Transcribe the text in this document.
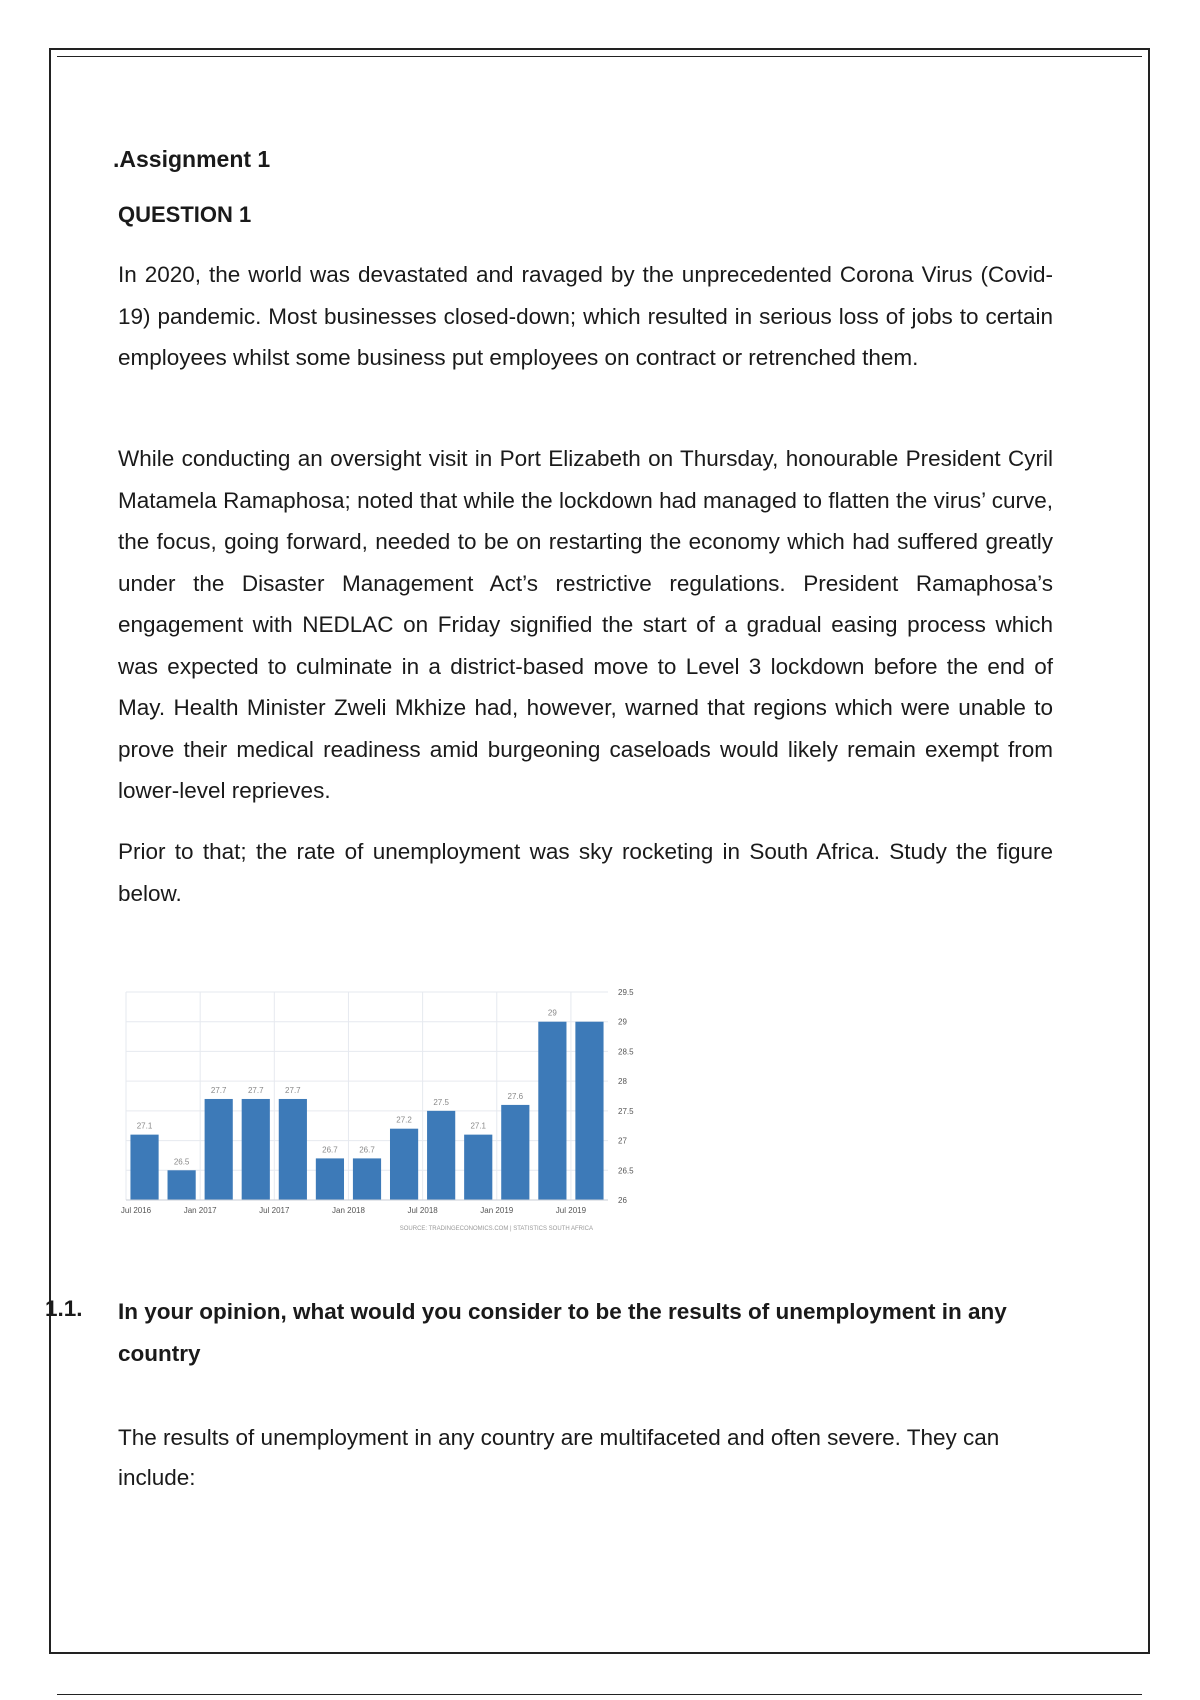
.Assignment 1
QUESTION 1

In 2020, the world was devastated and ravaged by the unprecedented Corona Virus (Covid-19) pandemic. Most businesses closed-down; which resulted in serious loss of jobs to certain employees whilst some business put employees on contract or retrenched them.

While conducting an oversight visit in Port Elizabeth on Thursday, honourable President Cyril Matamela Ramaphosa; noted that while the lockdown had managed to flatten the virus’ curve, the focus, going forward, needed to be on restarting the economy which had suffered greatly under the Disaster Management Act’s restrictive regulations. President Ramaphosa’s engagement with NEDLAC on Friday signified the start of a gradual easing process which was expected to culminate in a district-based move to Level 3 lockdown before the end of May. Health Minister Zweli Mkhize had, however, warned that regions which were unable to prove their medical readiness amid burgeoning caseloads would likely remain exempt from lower-level reprieves.

Prior to that; the rate of unemployment was sky rocketing in South Africa. Study the figure below.

26
26.5
27
27.5
28
28.5
29
29.5
27.1
26.5
27.7	27.7	27.7
26.7	26.7
27.2
27.5
27.1
27.6
29
Jul 2016	Jan 2017	Jul 2017	Jan 2018	Jul 2018	Jan 2019	Jul 2019
SOURCE: TRADINGECONOMICS.COM | STATISTICS SOUTH AFRICA

1.1. In your opinion, what would you consider to be the results of unemployment in any country

The results of unemployment in any country are multifaceted and often severe. They can include:
